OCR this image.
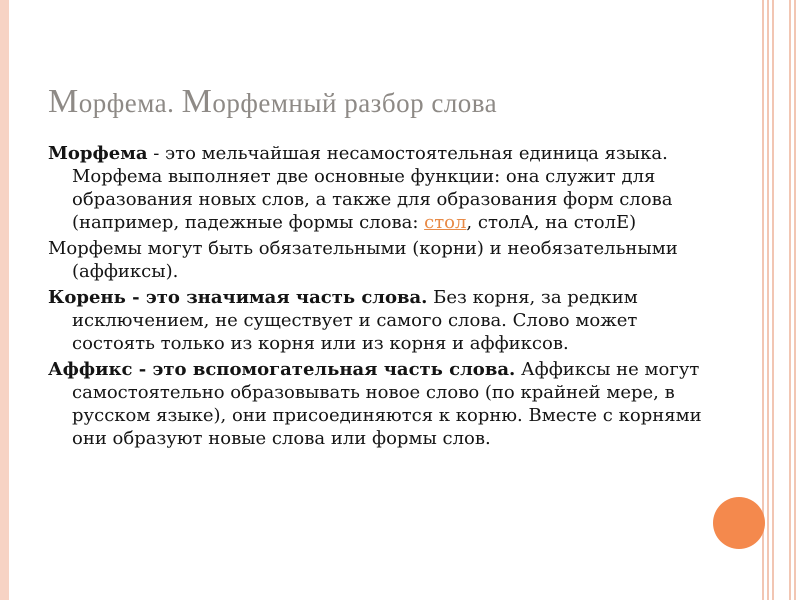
Морфема. Морфемный разбор слова

Морфема - это мельчайшая несамостоятельная единица языка. Морфема выполняет две основные функции: она служит для образования новых слов, а также для образования форм слова (например, падежные формы слова: стол, столА, на столЕ)

Морфемы могут быть обязательными (корни) и необязательными (аффиксы).

Корень - это значимая часть слова. Без корня, за редким исключением, не существует и самого слова. Слово может состоять только из корня или из корня и аффиксов.

Аффикс - это вспомогательная часть слова. Аффиксы не могут самостоятельно образовывать новое слово (по крайней мере, в русском языке), они присоединяются к корню. Вместе с корнями они образуют новые слова или формы слов.
